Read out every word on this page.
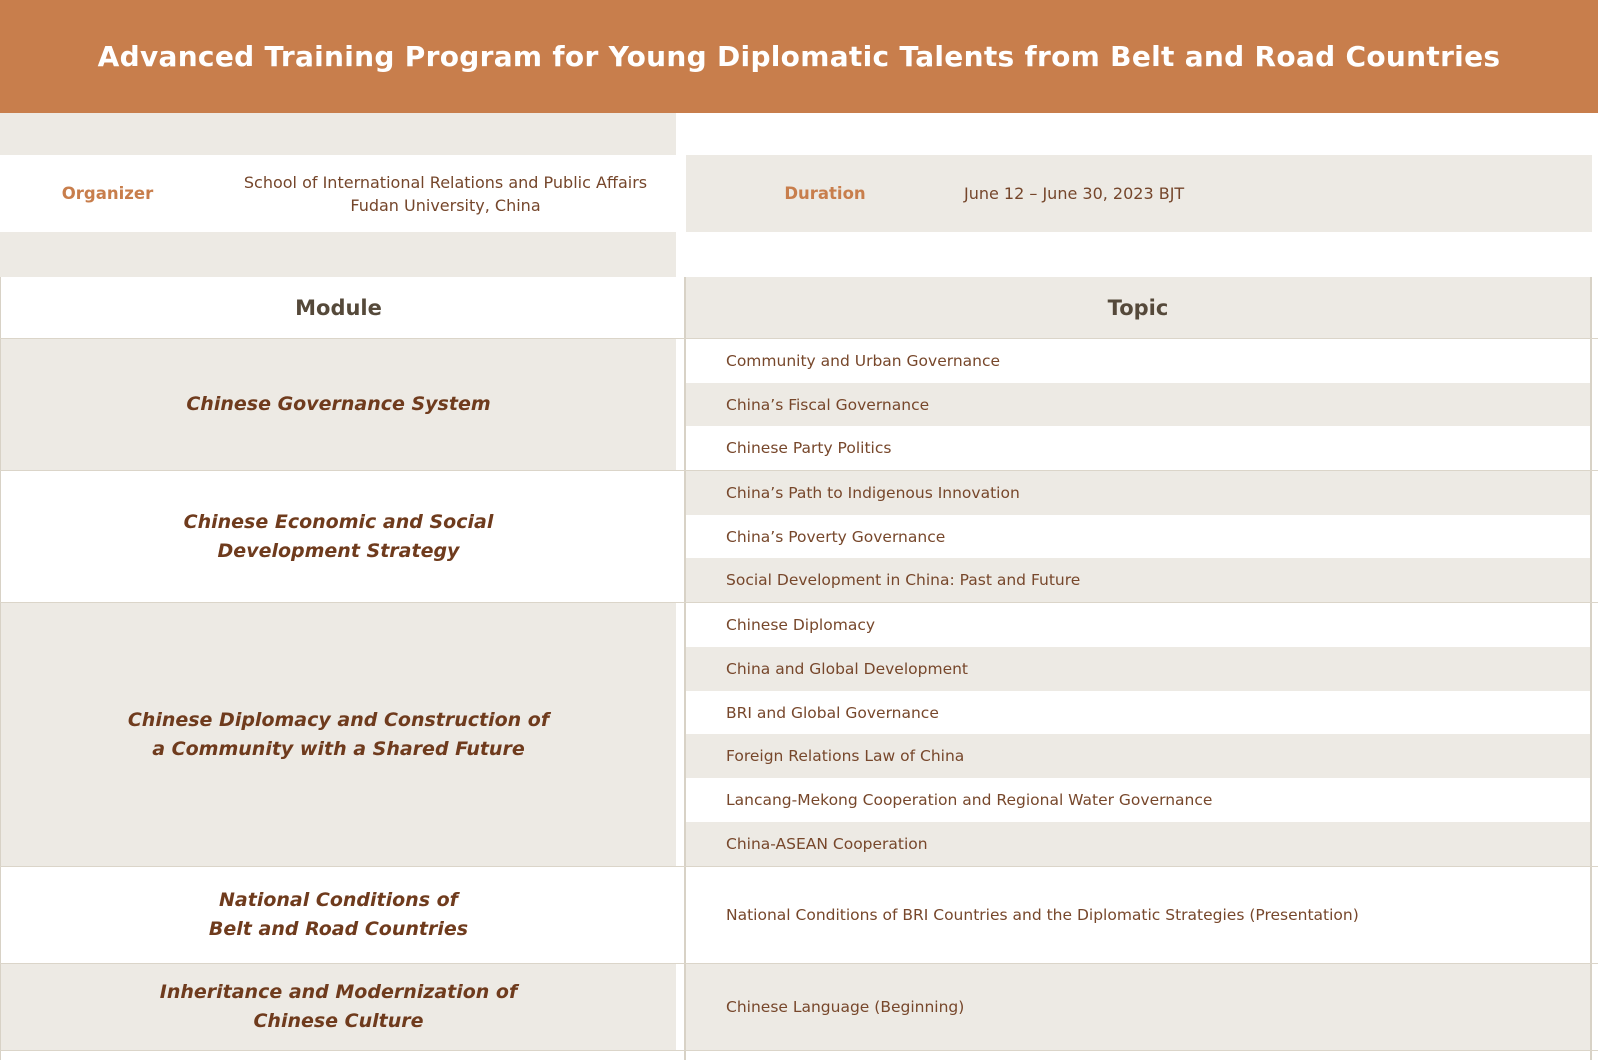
Advanced Training Program for Young Diplomatic Talents from Belt and Road Countries
Organizer
School of International Relations and Public Affairs
Fudan University, China
Duration	June 12 – June 30, 2023 BJT
Module	Topic
Chinese Governance System
Community and Urban Governance
China’s Fiscal Governance
Chinese Party Politics
Chinese Economic and Social
Development Strategy
China’s Path to Indigenous Innovation
China’s Poverty Governance
Social Development in China: Past and Future
Chinese Diplomacy and Construction of
a Community with a Shared Future
Chinese Diplomacy
China and Global Development
BRI and Global Governance
Foreign Relations Law of China
Lancang-Mekong Cooperation and Regional Water Governance
China-ASEAN Cooperation
National Conditions of
Belt and Road Countries
National Conditions of BRI Countries and the Diplomatic Strategies (Presentation)
Inheritance and Modernization of
Chinese Culture
Chinese Language (Beginning)
